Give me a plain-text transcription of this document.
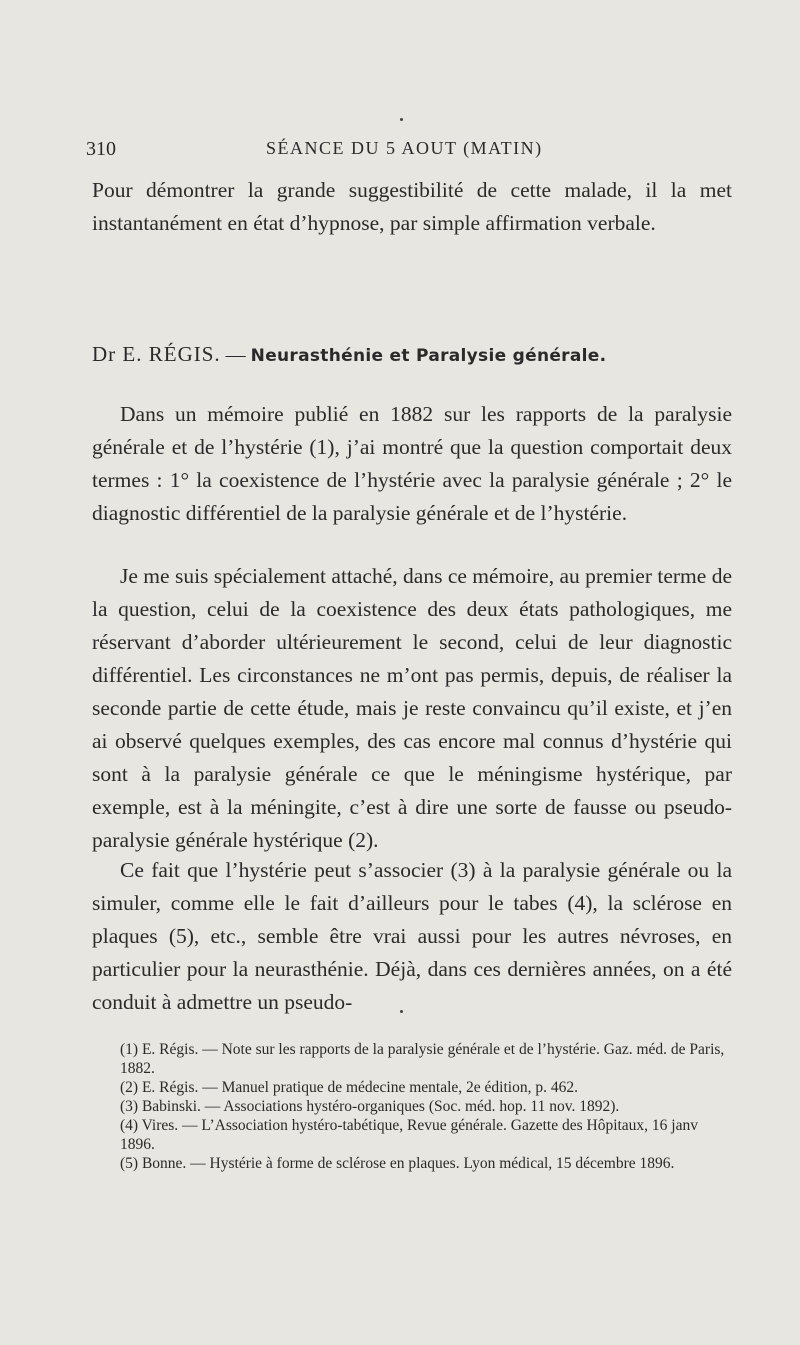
310	SÉANCE DU 5 AOUT (MATIN)

Pour démontrer la grande suggestibilité de cette malade, il la met instantanément en état d’hypnose, par simple affirmation verbale.

Dr E. RÉGIS. — Neurasthénie et Paralysie générale.

Dans un mémoire publié en 1882 sur les rapports de la paralysie générale et de l’hystérie (1), j’ai montré que la question comportait deux termes : 1° la coexistence de l’hystérie avec la paralysie générale ; 2° le diagnostic différentiel de la paralysie générale et de l’hystérie.

Je me suis spécialement attaché, dans ce mémoire, au premier terme de la question, celui de la coexistence des deux états pathologiques, me réservant d’aborder ultérieurement le second, celui de leur diagnostic différentiel. Les circonstances ne m’ont pas permis, depuis, de réaliser la seconde partie de cette étude, mais je reste convaincu qu’il existe, et j’en ai observé quelques exemples, des cas encore mal connus d’hystérie qui sont à la paralysie générale ce que le méningisme hystérique, par exemple, est à la méningite, c’est à dire une sorte de fausse ou pseudo-paralysie générale hystérique (2).

Ce fait que l’hystérie peut s’associer (3) à la paralysie générale ou la simuler, comme elle le fait d’ailleurs pour le tabes (4), la sclérose en plaques (5), etc., semble être vrai aussi pour les autres névroses, en particulier pour la neurasthénie. Déjà, dans ces dernières années, on a été conduit à admettre un pseudo-

(1) E. Régis. — Note sur les rapports de la paralysie générale et de l’hystérie. Gaz. méd. de Paris, 1882.

(2) E. Régis. — Manuel pratique de médecine mentale, 2e édition, p. 462.

(3) Babinski. — Associations hystéro-organiques (Soc. méd. hop. 11 nov. 1892).

(4) Vires. — L’Association hystéro-tabétique, Revue générale. Gazette des Hôpitaux, 16 janv 1896.

(5) Bonne. — Hystérie à forme de sclérose en plaques. Lyon médical, 15 décembre 1896.
